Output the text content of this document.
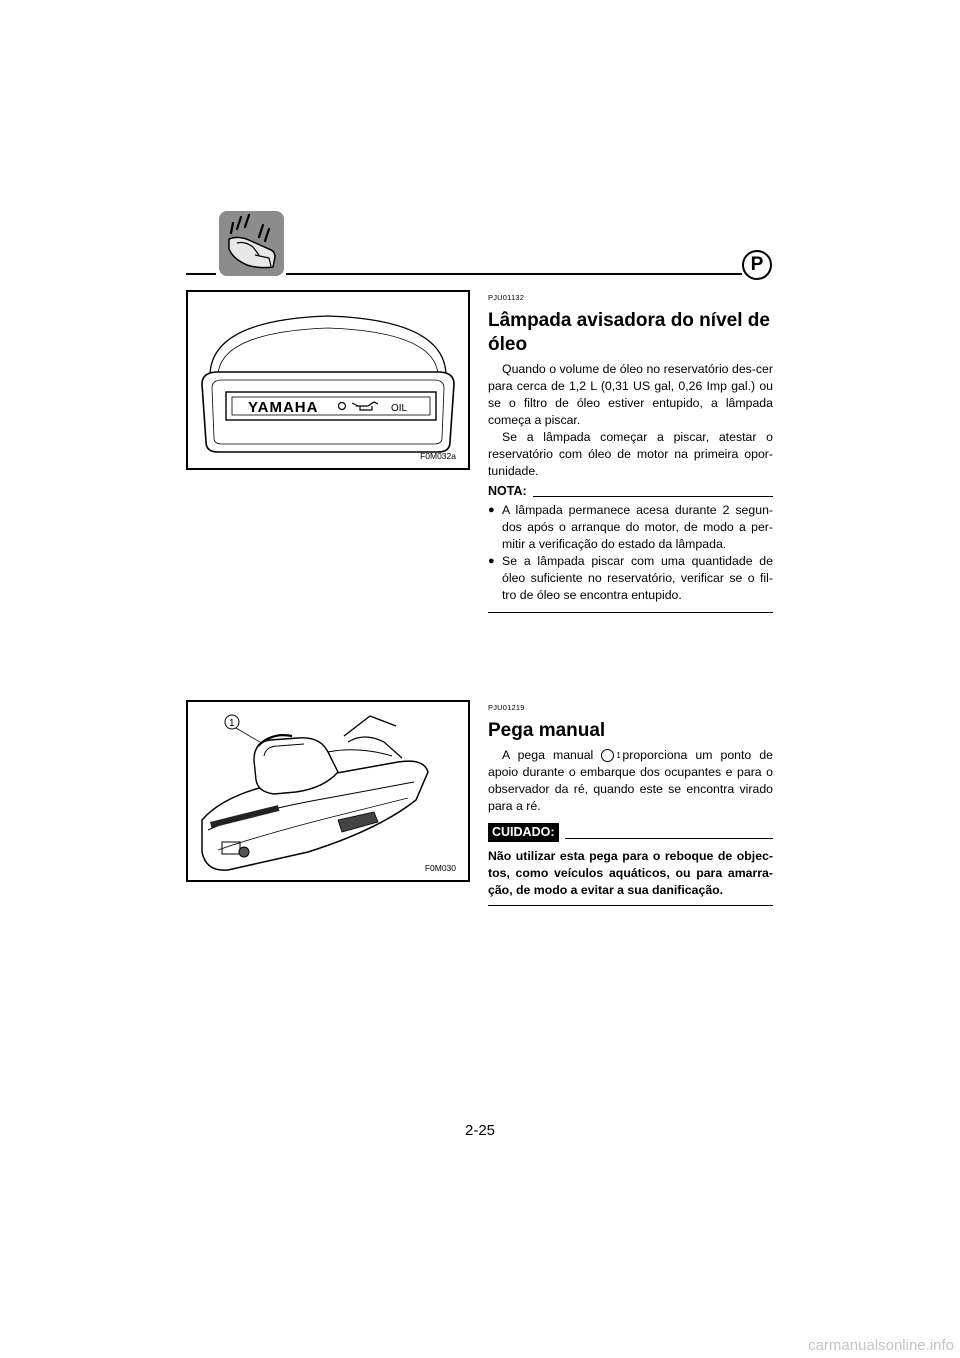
P
YAMAHA	OIL
F0M032a
PJU01132
Lâmpada avisadora do nível de
óleo

Quando o volume de óleo no reservatório des-cer para cerca de 1,2 L (0,31 US gal, 0,26 Imp gal.) ou se o filtro de óleo estiver entupido, a lâmpada começa a piscar.

Se a lâmpada começar a piscar, atestar o reservatório com óleo de motor na primeira opor-tunidade.

NOTA:
● A lâmpada permanece acesa durante 2 segun-dos após o arranque do motor, de modo a per-mitir a verificação do estado da lâmpada.
● Se a lâmpada piscar com uma quantidade de óleo suficiente no reservatório, verificar se o fil-tro de óleo se encontra entupido.
1
F0M030
PJU01219
Pega manual

A pega manual	1 proporciona um ponto de apoio durante o embarque dos ocupantes e para o observador da ré, quando este se encontra virado para a ré.

CUIDADO:

Não utilizar esta pega para o reboque de objec-tos, como veículos aquáticos, ou para amarra-ção, de modo a evitar a sua danificação.

2-25
carmanualsonline.info
